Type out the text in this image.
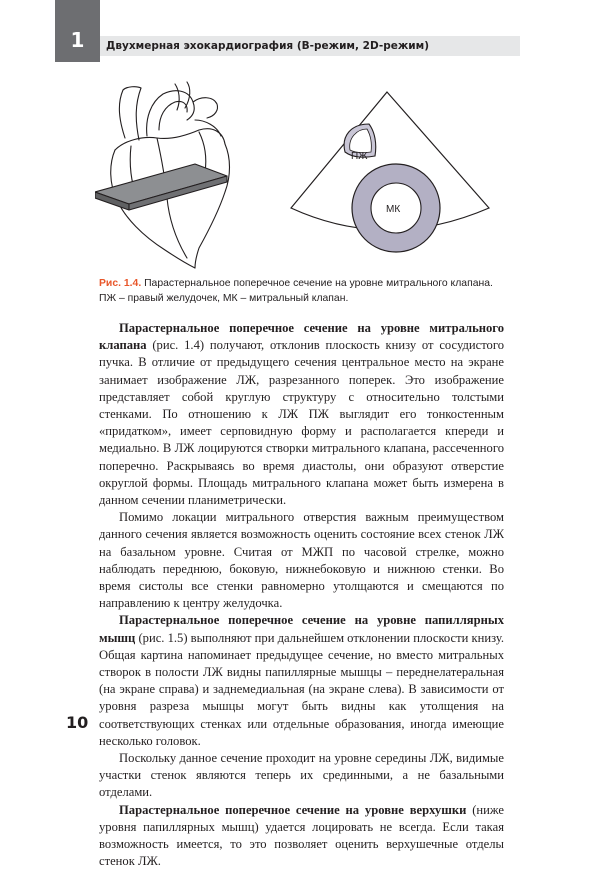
1	Двухмерная эхокардиография (В-режим, 2D-режим)
ПЖ
МК
Рис. 1.4. Парастернальное поперечное сечение на уровне митрального клапана. ПЖ – правый желудочек, МК – митральный клапан.

Парастернальное поперечное сечение на уровне митрального клапана (рис. 1.4) получают, отклонив плоскость книзу от сосудистого пучка. В отличие от предыдущего сечения центральное место на экране занимает изображение ЛЖ, разрезанного поперек. Это изображение представляет собой круглую структуру с относительно толстыми стенками. По отношению к ЛЖ ПЖ выглядит его тонкостенным «придатком», имеет серповидную форму и располагается кпереди и медиально. В ЛЖ лоцируются створки митрального клапана, рассеченного поперечно. Раскрываясь во время диастолы, они образуют отверстие округлой формы. Площадь митрального клапана может быть измерена в данном сечении планиметрически.

Помимо локации митрального отверстия важным преимуществом данного сечения является возможность оценить состояние всех стенок ЛЖ на базальном уровне. Считая от МЖП по часовой стрелке, можно наблюдать переднюю, боковую, нижнебоковую и нижнюю стенки. Во время систолы все стенки равномерно утолщаются и смещаются по направлению к центру желудочка.

Парастернальное поперечное сечение на уровне папиллярных мышц (рис. 1.5) выполняют при дальнейшем отклонении плоскости книзу. Общая картина напоминает предыдущее сечение, но вместо митральных створок в полости ЛЖ видны папиллярные мышцы – переднелатеральная (на экране справа) и заднемедиальная (на экране слева). В зависимости от уровня разреза мышцы могут быть видны как утолщения на соответствующих стенках или отдельные образования, иногда имеющие несколько головок.

Поскольку данное сечение проходит на уровне середины ЛЖ, видимые участки стенок являются теперь их срединными, а не базальными отделами.

Парастернальное поперечное сечение на уровне верхушки (ниже уровня папиллярных мышц) удается лоцировать не всегда. Если такая возможность имеется, то это позволяет оценить верхушечные отделы стенок ЛЖ.

10
